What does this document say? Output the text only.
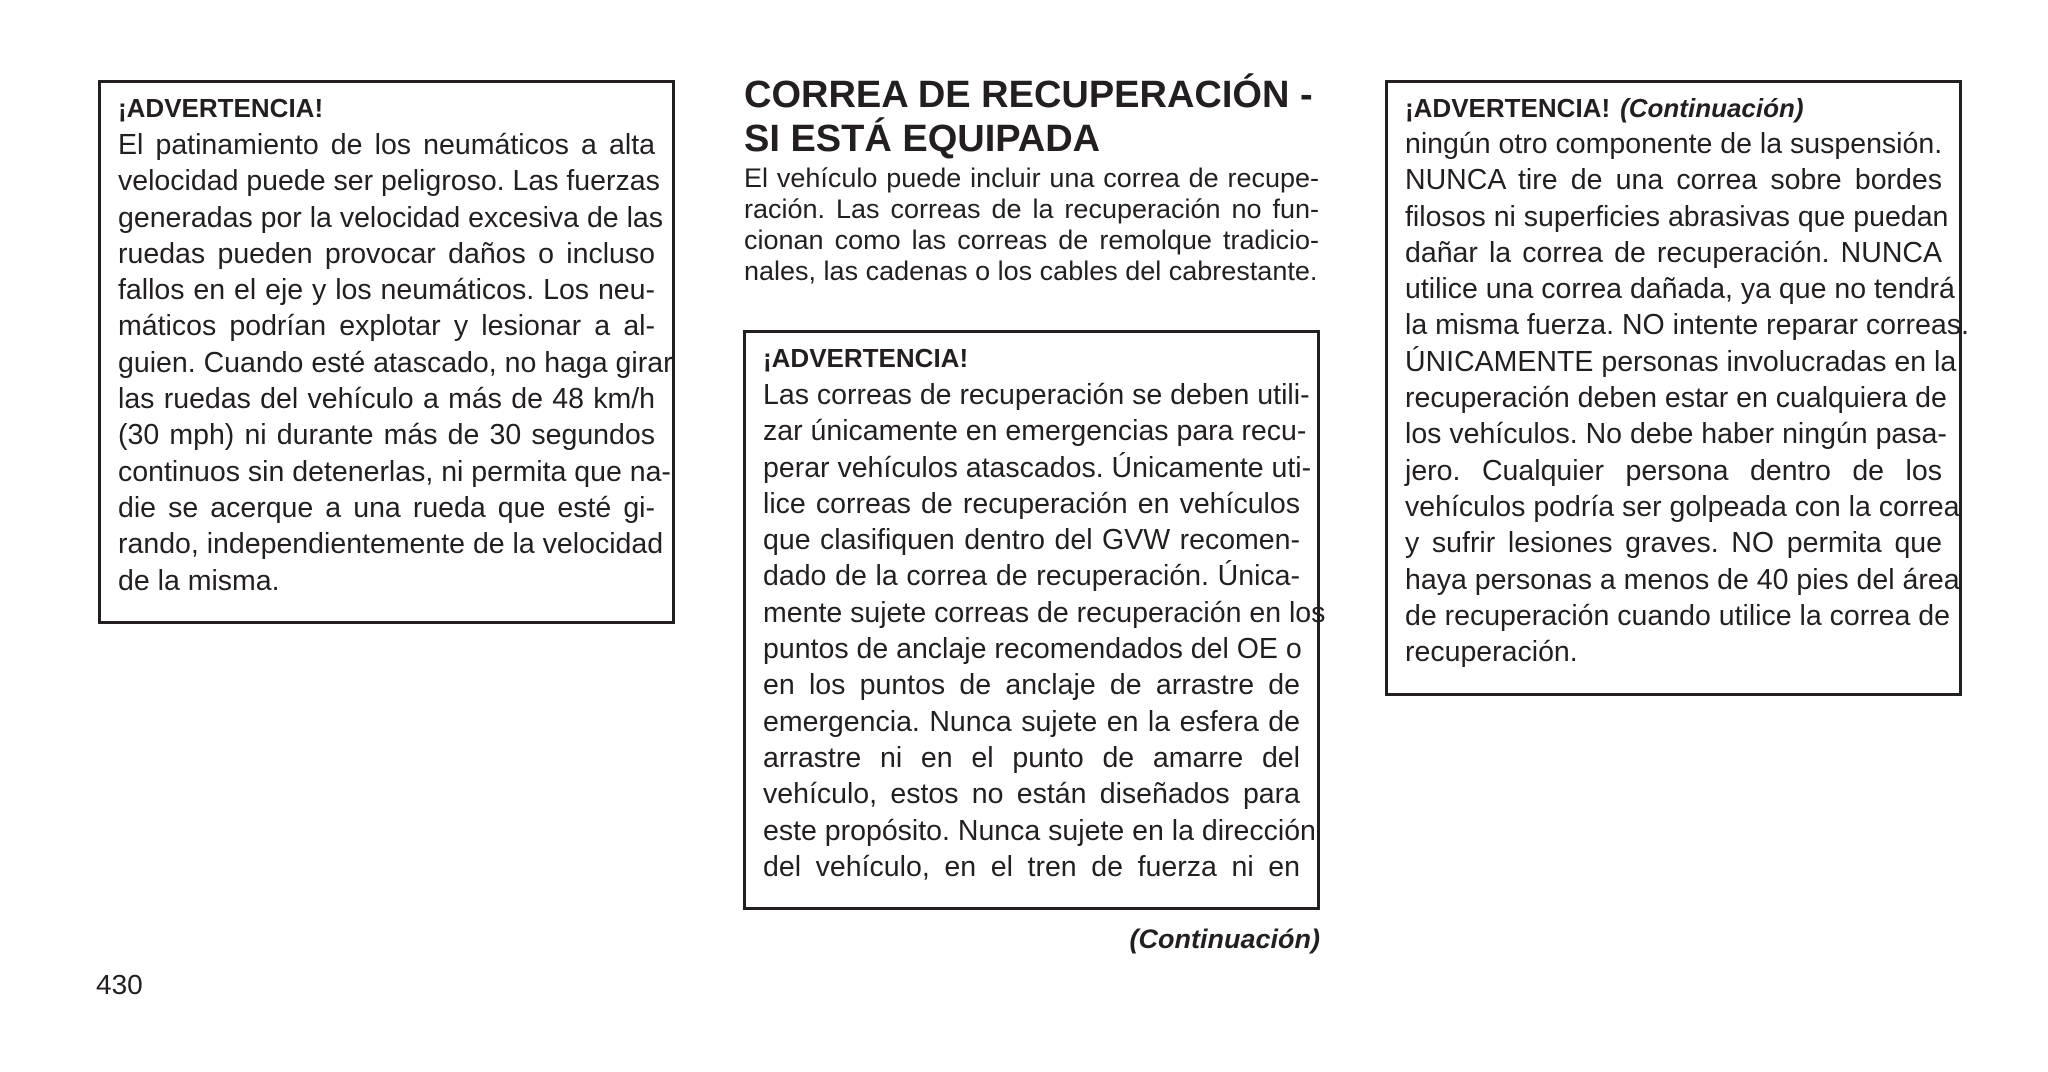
¡ADVERTENCIA!

El patinamiento de los neumáticos a alta
velocidad puede ser peligroso. Las fuerzas
generadas por la velocidad excesiva de las
ruedas pueden provocar daños o incluso
fallos en el eje y los neumáticos. Los neu-
máticos podrían explotar y lesionar a al-
guien. Cuando esté atascado, no haga girar
las ruedas del vehículo a más de 48 km/h
(30 mph) ni durante más de 30 segundos
continuos sin detenerlas, ni permita que na-
die se acerque a una rueda que esté gi-
rando, independientemente de la velocidad
de la misma.
CORREA DE RECUPERACIÓN -
SI ESTÁ EQUIPADA
El vehículo puede incluir una correa de recupe-
ración. Las correas de la recuperación no fun-
cionan como las correas de remolque tradicio-
nales, las cadenas o los cables del cabrestante.

¡ADVERTENCIA!

Las correas de recuperación se deben utili-
zar únicamente en emergencias para recu-
perar vehículos atascados. Únicamente uti-
lice correas de recuperación en vehículos
que clasifiquen dentro del GVW recomen-
dado de la correa de recuperación. Única-
mente sujete correas de recuperación en los
puntos de anclaje recomendados del OE o
en los puntos de anclaje de arrastre de
emergencia. Nunca sujete en la esfera de
arrastre ni en el punto de amarre del
vehículo, estos no están diseñados para
este propósito. Nunca sujete en la dirección
del vehículo, en el tren de fuerza ni en
(Continuación)

¡ADVERTENCIA! (Continuación)

ningún otro componente de la suspensión.
NUNCA tire de una correa sobre bordes
filosos ni superficies abrasivas que puedan
dañar la correa de recuperación. NUNCA
utilice una correa dañada, ya que no tendrá
la misma fuerza. NO intente reparar correas.
ÚNICAMENTE personas involucradas en la
recuperación deben estar en cualquiera de
los vehículos. No debe haber ningún pasa-
jero. Cualquier persona dentro de los
vehículos podría ser golpeada con la correa
y sufrir lesiones graves. NO permita que
haya personas a menos de 40 pies del área
de recuperación cuando utilice la correa de
recuperación.
430
